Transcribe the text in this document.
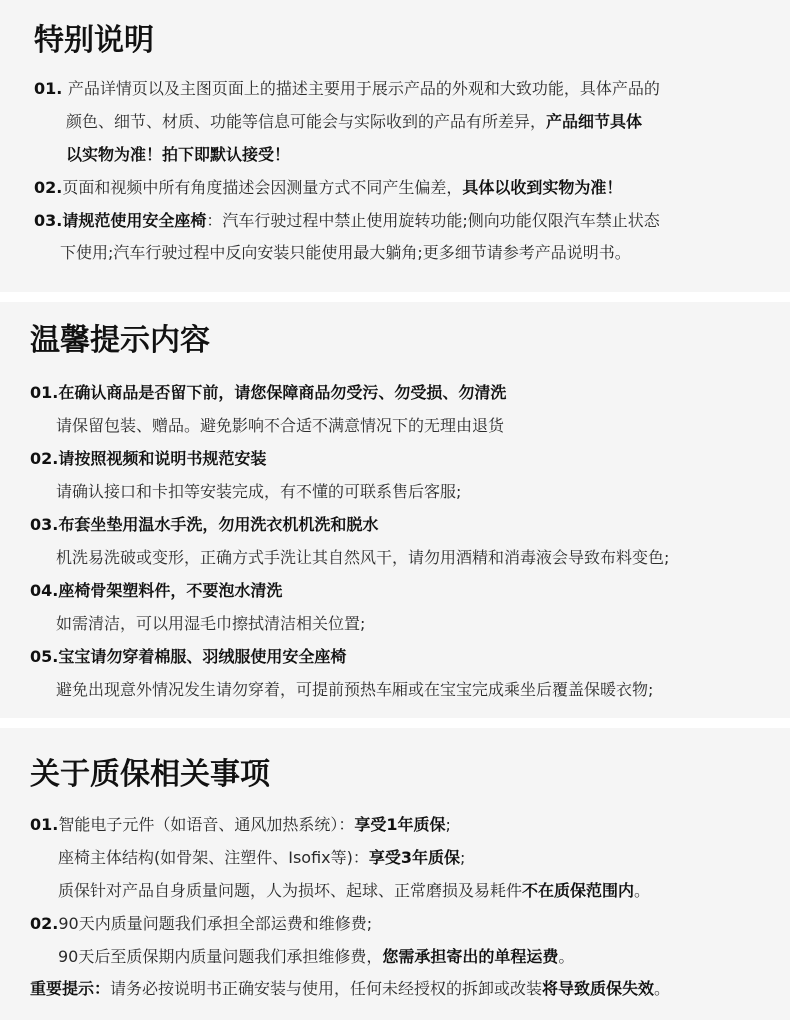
特别说明
01. 产品详情页以及主图页面上的描述主要用于展示产品的外观和大致功能，具体产品的
颜色、细节、材质、功能等信息可能会与实际收到的产品有所差异，产品细节具体
以实物为准！拍下即默认接受！
02.页面和视频中所有角度描述会因测量方式不同产生偏差，具体以收到实物为准！
03.请规范使用安全座椅：汽车行驶过程中禁止使用旋转功能;侧向功能仅限汽车禁止状态
下使用;汽车行驶过程中反向安装只能使用最大躺角;更多细节请参考产品说明书。
温馨提示内容
01.在确认商品是否留下前，请您保障商品勿受污、勿受损、勿清洗
请保留包装、赠品。避免影响不合适不满意情况下的无理由退货
02.请按照视频和说明书规范安装
请确认接口和卡扣等安装完成，有不懂的可联系售后客服;
03.布套坐垫用温水手洗，勿用洗衣机机洗和脱水
机洗易洗破或变形，正确方式手洗让其自然风干，请勿用酒精和消毒液会导致布料变色;
04.座椅骨架塑料件，不要泡水清洗
如需清洁，可以用湿毛巾擦拭清洁相关位置;
05.宝宝请勿穿着棉服、羽绒服使用安全座椅
避免出现意外情况发生请勿穿着，可提前预热车厢或在宝宝完成乘坐后覆盖保暖衣物;
关于质保相关事项
01.智能电子元件（如语音、通风加热系统）：享受1年质保;
座椅主体结构(如骨架、注塑件、Isofix等)：享受3年质保;
质保针对产品自身质量问题，人为损坏、起球、正常磨损及易耗件不在质保范围内。
02.90天内质量问题我们承担全部运费和维修费;
90天后至质保期内质量问题我们承担维修费，您需承担寄出的单程运费。
重要提示：请务必按说明书正确安装与使用，任何未经授权的拆卸或改装将导致质保失效。
